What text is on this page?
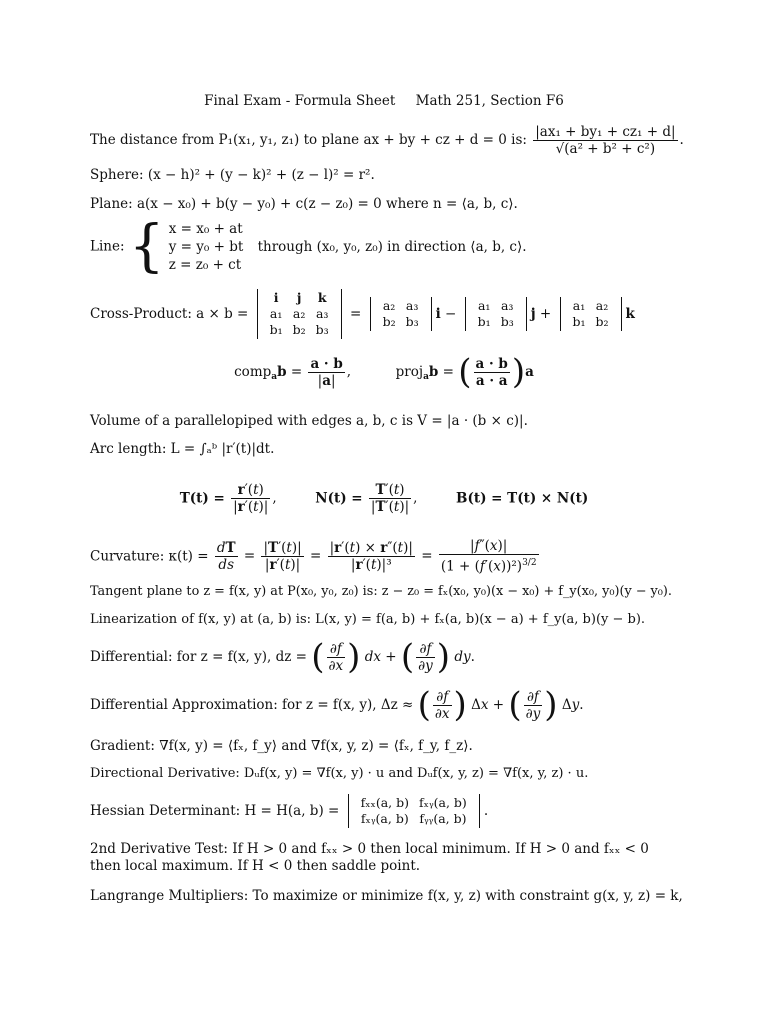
Final Exam - Formula Sheet Math 251, Section F6
The distance from P₁(x₁, y₁, z₁) to plane ax + by + cz + d = 0 is: $\frac{\text{|ax₁ + by₁ + cz₁ + d|}}{\text{√(a² + b² + c²)}}$ .
Sphere: (x − h)² + (y − k)² + (z − l)² = r².
Plane: a(x − x₀) + b(y − y₀) + c(z − z₀) = 0 where n = ⟨a, b, c⟩.
Line: { x = x₀ + at
y = y₀ + bt
z = z₀ + ct
through (x₀, y₀, z₀) in direction ⟨a, b, c⟩.
Cross-Product: a × b =
i	j	k
a₁	a₂	a₃
b₁	b₂	b₃
=
a₂	a₃
b₂	b₃ i −
a₁	a₃
b₁	b₃ j +
a₁	a₂
b₁	b₂ k
comp$_a$b = $\frac{a \cdot b}{|a|}$ ,	proj$_a$b = ( $\frac{a \cdot b}{a \cdot a} )a$
Volume of a parallelopiped with edges a, b, c is V = |a · (b × c)|.
Arc length: L = ∫ₐᵇ |r′(t)|dt.
$T(t) = \frac{r'(t)}{|r'(t)|}$ ,	$N(t) = \frac{T'(t)}{|T'(t)|}$ ,	B(t) = T(t) × N(t)
Curvature: $\kappa(t) = \frac{dT}{ds} = \frac{|T'(t)|}{|r'(t)|} = \frac{|r'(t) \times r''(t)|}{\text{|r′(t)|³}} = \frac{|f''(x)|}{(1 + (f'(x))^2)^{3/2}}$
Tangent plane to z = f(x, y) at P(x₀, y₀, z₀) is: z − z₀ = fₓ(x₀, y₀)(x − x₀) + f_y(x₀, y₀)(y − y₀).
Linearization of f(x, y) at (a, b) is: L(x, y) = f(a, b) + fₓ(a, b)(x − a) + f_y(a, b)(y − b).
Differential: for z = f(x, y), dz = ( $\frac{\partial f}{\partial x}$ ) dx + ( $\frac{\partial f}{\partial y}$ ) dy.
Differential Approximation: for z = f(x, y), Δz ≈ ( $\frac{\partial f}{\partial x}$ ) Δx + ( $\frac{\partial f}{\partial y}$ ) Δy.
Gradient: ∇f(x, y) = ⟨fₓ, f_y⟩ and ∇f(x, y, z) = ⟨fₓ, f_y, f_z⟩.
Directional Derivative: Dᵤf(x, y) = ∇f(x, y) · u and Dᵤf(x, y, z) = ∇f(x, y, z) · u.
Hessian Determinant: H = H(a, b) =
fₓₓ(a, b)	fₓᵧ(a, b)
fₓᵧ(a, b)	fᵧᵧ(a, b) .
2nd Derivative Test: If H > 0 and fₓₓ > 0 then local minimum. If H > 0 and fₓₓ < 0 then local maximum. If H < 0 then saddle point.
Langrange Multipliers: To maximize or minimize f(x, y, z) with constraint g(x, y, z) = k,
